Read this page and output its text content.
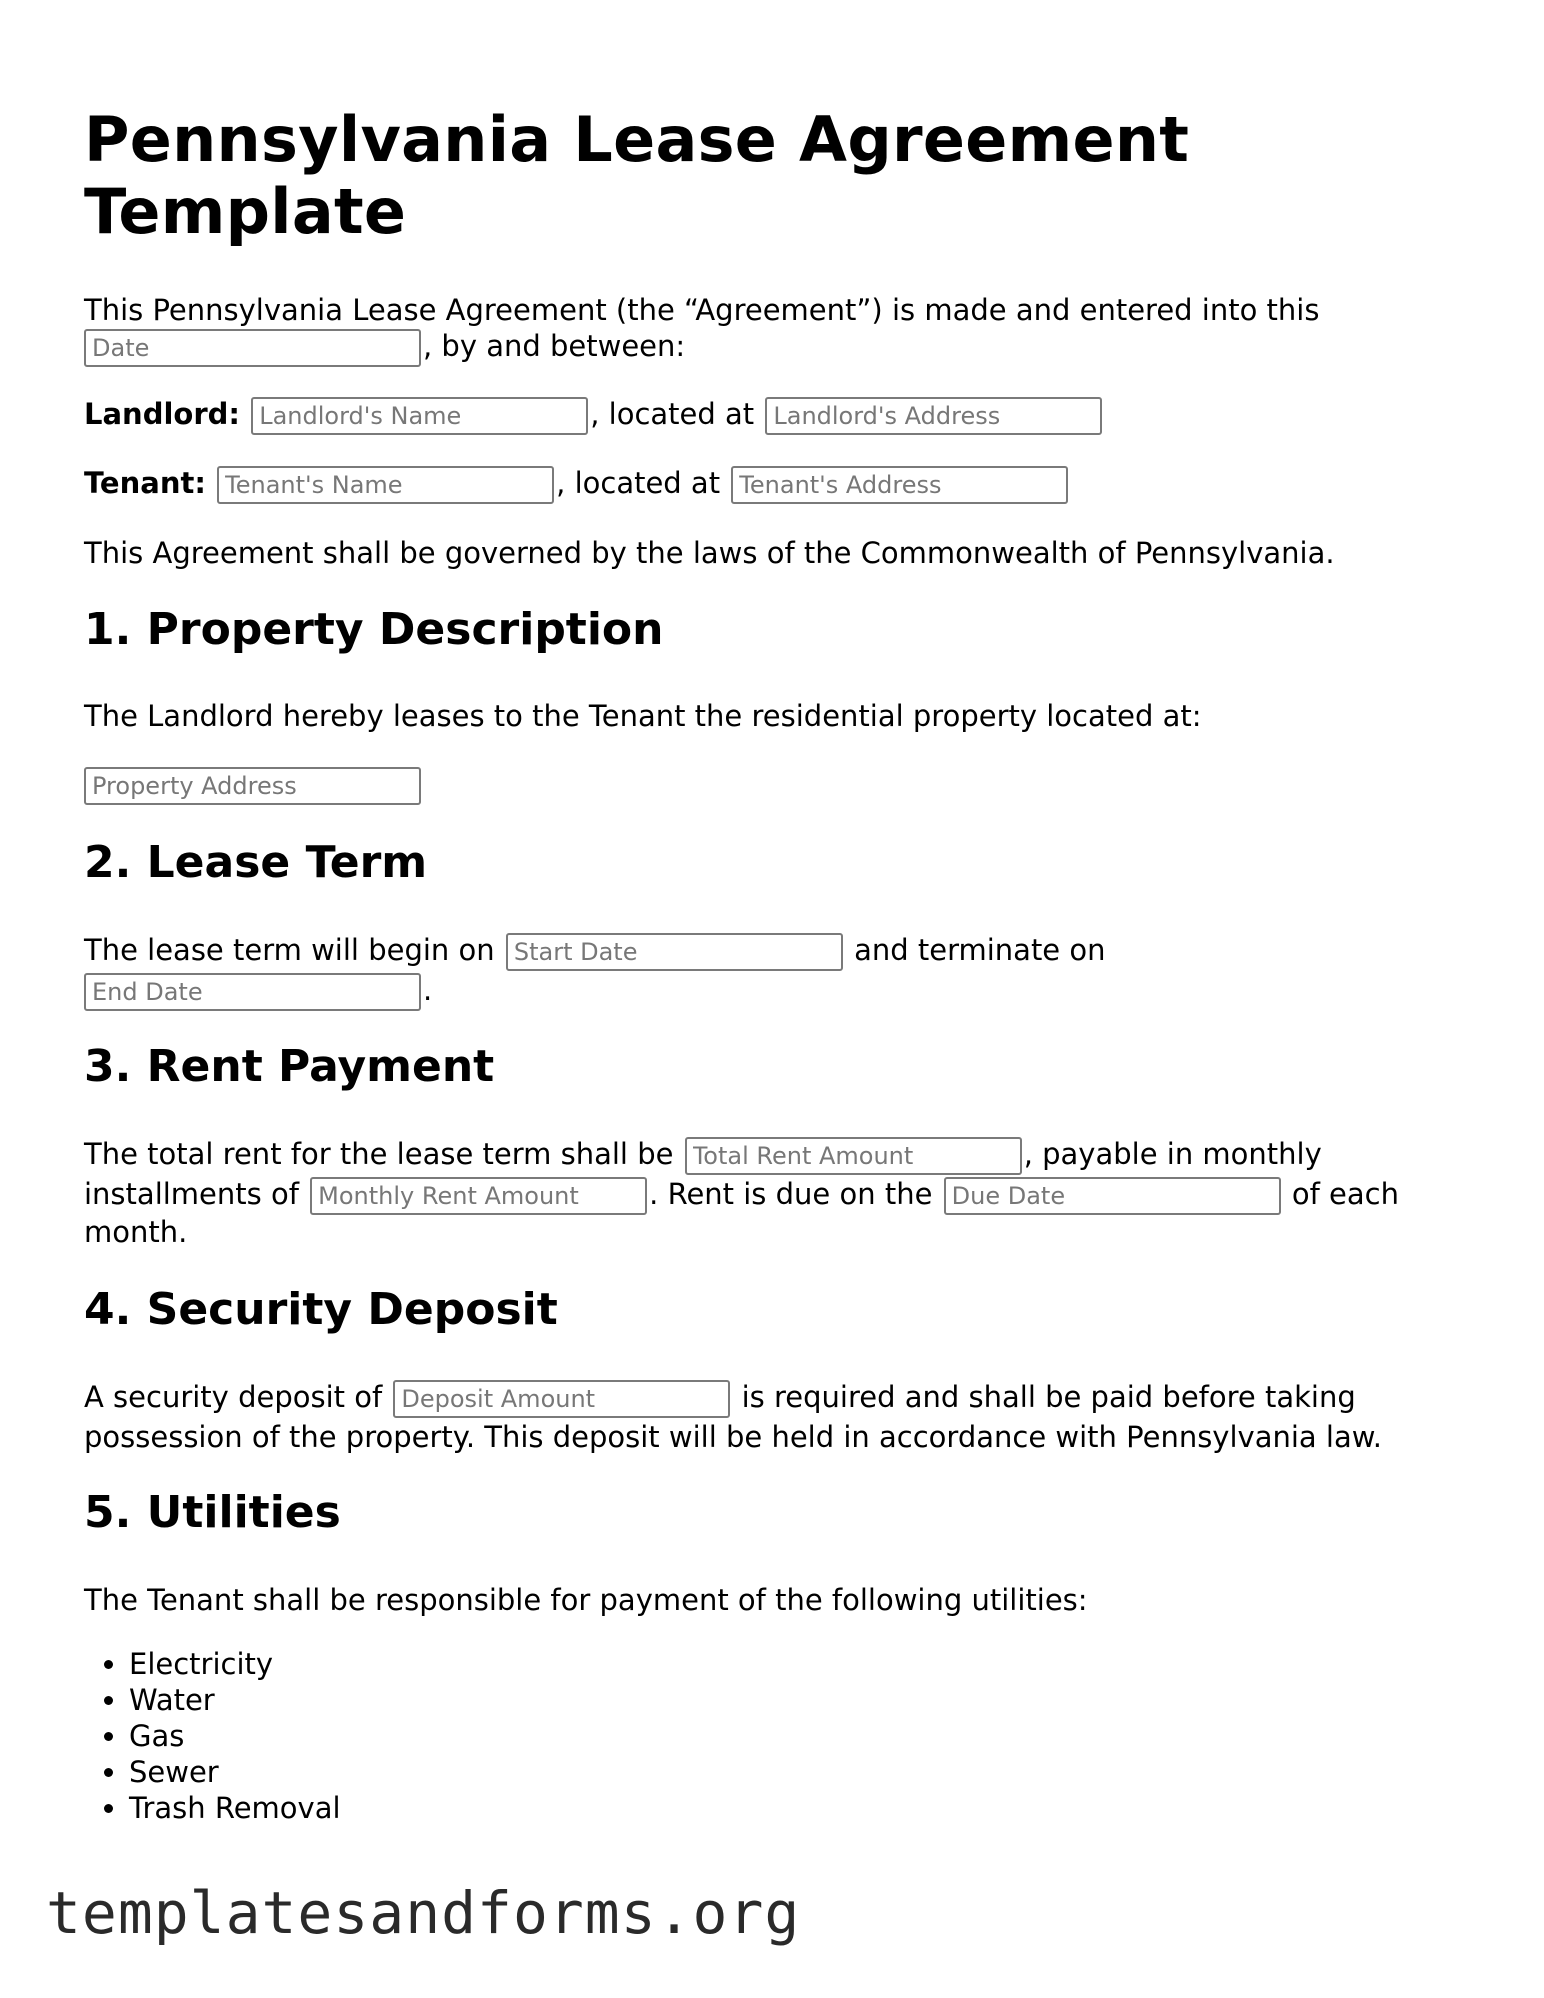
Pennsylvania Lease Agreement Template

This Pennsylvania Lease Agreement (the “Agreement”) is made and entered into this

Date, by and between:
Landlord: Landlord's Name	, located at Landlord's Address
Tenant: Tenant's Name	, located at Tenant's Address

This Agreement shall be governed by the laws of the Commonwealth of Pennsylvania.

1. Property Description

The Landlord hereby leases to the Tenant the residential property located at:

Property Address
2. Lease Term
The lease term will begin on Start Date	and terminate on
End Date.
3. Rent Payment
The total rent for the lease term shall be Total Rent Amount	, payable in monthly
installments of Monthly Rent Amount	. Rent is due on the Due Date	of each

month.

4. Security Deposit
A security deposit of Deposit Amount	is required and shall be paid before taking

possession of the property. This deposit will be held in accordance with Pennsylvania law.

5. Utilities

The Tenant shall be responsible for payment of the following utilities:

• Electricity
• Water
• Gas
• Sewer
• Trash Removal
templatesandforms.org
